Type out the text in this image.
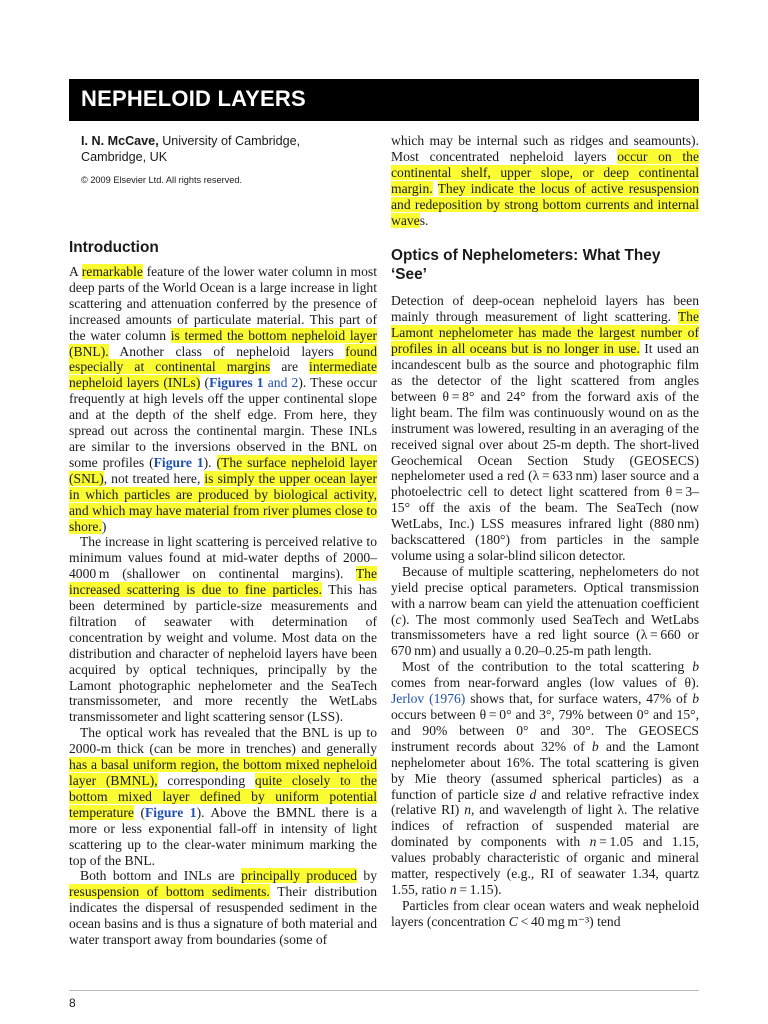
NEPHELOID LAYERS
I. N. McCave, University of Cambridge,
Cambridge, UK
© 2009 Elsevier Ltd. All rights reserved.
Introduction

A remarkable feature of the lower water column in most deep parts of the World Ocean is a large increase in light scattering and attenuation conferred by the presence of increased amounts of particulate material. This part of the water column is termed the bottom nepheloid layer (BNL). Another class of nepheloid layers found especially at continental margins are intermediate nepheloid layers (INLs) (Figures 1 and 2). These occur frequently at high levels off the upper continental slope and at the depth of the shelf edge. From here, they spread out across the continental margin. These INLs are similar to the inversions observed in the BNL on some profiles (Figure 1). (The surface nepheloid layer (SNL), not treated here, is simply the upper ocean layer in which particles are produced by biological activity, and which may have material from river plumes close to shore.)

The increase in light scattering is perceived relative to minimum values found at mid-water depths of 2000–4000 m (shallower on continental margins). The increased scattering is due to fine particles. This has been determined by particle-size measurements and filtration of seawater with determination of concentration by weight and volume. Most data on the distribution and character of nepheloid layers have been acquired by optical techniques, principally by the Lamont photographic nephelometer and the SeaTech transmissometer, and more recently the WetLabs transmissometer and light scattering sensor (LSS).

The optical work has revealed that the BNL is up to 2000-m thick (can be more in trenches) and generally has a basal uniform region, the bottom mixed nepheloid layer (BMNL), corresponding quite closely to the bottom mixed layer defined by uniform potential temperature (Figure 1). Above the BMNL there is a more or less exponential fall-off in intensity of light scattering up to the clear-water minimum marking the top of the BNL.

Both bottom and INLs are principally produced by resuspension of bottom sediments. Their distribution indicates the dispersal of resuspended sediment in the ocean basins and is thus a signature of both material and water transport away from boundaries (some of

which may be internal such as ridges and seamounts). Most concentrated nepheloid layers occur on the continental shelf, upper slope, or deep continental margin. They indicate the locus of active resuspension and redeposition by strong bottom currents and internal waves.

Optics of Nephelometers: What They ‘See’

Detection of deep-ocean nepheloid layers has been mainly through measurement of light scattering. The Lamont nephelometer has made the largest number of profiles in all oceans but is no longer in use. It used an incandescent bulb as the source and photographic film as the detector of the light scattered from angles between θ = 8° and 24° from the forward axis of the light beam. The film was continuously wound on as the instrument was lowered, resulting in an averaging of the received signal over about 25-m depth. The short-lived Geochemical Ocean Section Study (GEOSECS) nephelometer used a red (λ = 633 nm) laser source and a photoelectric cell to detect light scattered from θ = 3–15° off the axis of the beam. The SeaTech (now WetLabs, Inc.) LSS measures infrared light (880 nm) backscattered (180°) from particles in the sample volume using a solar-blind silicon detector.

Because of multiple scattering, nephelometers do not yield precise optical parameters. Optical transmission with a narrow beam can yield the attenuation coefficient (c). The most commonly used SeaTech and WetLabs transmissometers have a red light source (λ = 660 or 670 nm) and usually a 0.20–0.25-m path length.

Most of the contribution to the total scattering b comes from near-forward angles (low values of θ). Jerlov (1976) shows that, for surface waters, 47% of b occurs between θ = 0° and 3°, 79% between 0° and 15°, and 90% between 0° and 30°. The GEOSECS instrument records about 32% of b and the Lamont nephelometer about 16%. The total scattering is given by Mie theory (assumed spherical particles) as a function of particle size d and relative refractive index (relative RI) n, and wavelength of light λ. The relative indices of refraction of suspended material are dominated by components with n = 1.05 and 1.15, values probably characteristic of organic and mineral matter, respectively (e.g., RI of seawater 1.34, quartz 1.55, ratio n = 1.15).

Particles from clear ocean waters and weak nepheloid layers (concentration C < 40 mg m⁻³) tend

8
